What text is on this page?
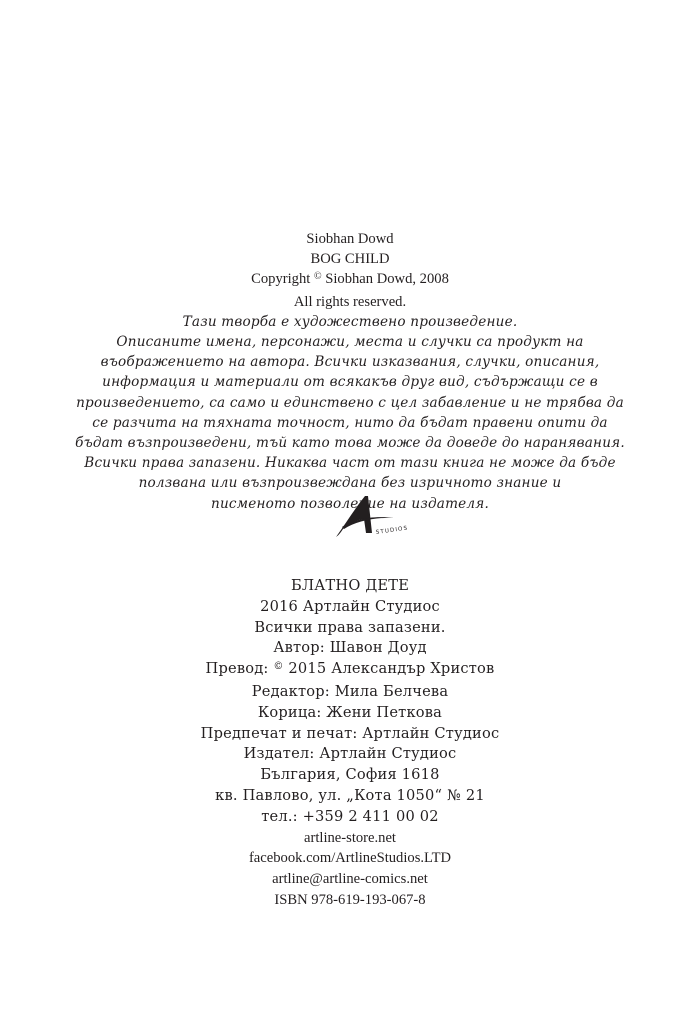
Siobhan Dowd
BOG CHILD
Copyright © Siobhan Dowd, 2008
All rights reserved.
Тази творба е художествено произведение.
Описаните имена, персонажи, места и случки са продукт на
въображението на автора. Всички изказвания, случки, описания,
информация и материали от всякакъв друг вид, съдържащи се в
произведението, са само и единствено с цел забавление и не трябва да
се разчита на тяхната точност, нито да бъдат правени опити да
бъдат възпроизведени, тъй като това може да доведе до наранявания.
Всички права запазени. Никаква част от тази книга не може да бъде
ползвана или възпроизвеждана без изричното знание и
писменото позволение на издателя.
STUDIOS
БЛАТНО ДЕТЕ
2016 Артлайн Студиос
Всички права запазени.
Автор: Шавон Доуд
Превод: © 2015 Александър Христов
Редактор: Мила Белчева
Корица: Жени Петкова
Предпечат и печат: Артлайн Студиос
Издател: Артлайн Студиос
България, София 1618
кв. Павлово, ул. „Кота 1050“ № 21
тел.: +359 2 411 00 02
artline-store.net
facebook.com/ArtlineStudios.LTD
artline@artline-comics.net
ISBN 978-619-193-067-8
